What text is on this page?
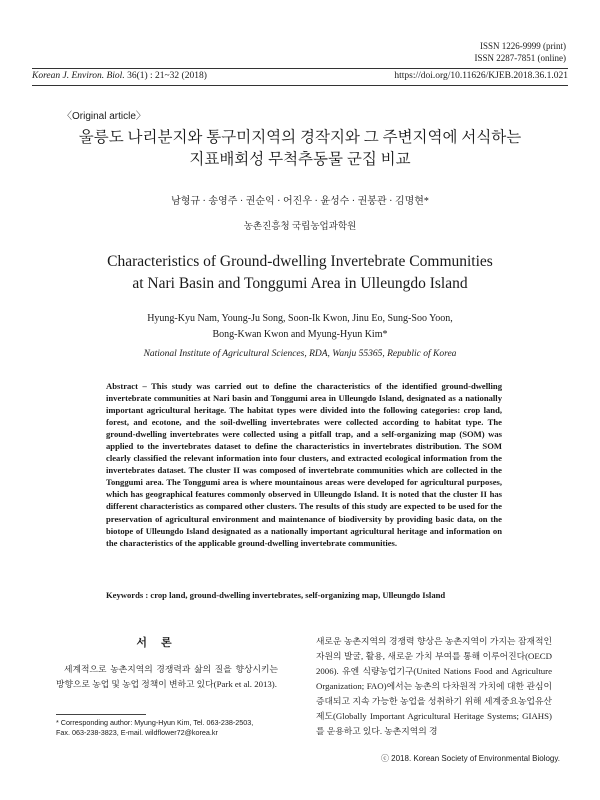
ISSN 1226-9999 (print)
ISSN 2287-7851 (online)
Korean J. Environ. Biol. 36(1) : 21~32 (2018)	https://doi.org/10.11626/KJEB.2018.36.1.021
〈Original article〉
울릉도 나리분지와 통구미지역의 경작지와 그 주변지역에 서식하는
지표배회성 무척추동물 군집 비교
남형규 · 송영주 · 권순익 · 어진우 · 윤성수 · 권봉관 · 김명현*
농촌진흥청 국립농업과학원
Characteristics of Ground-dwelling Invertebrate Communities
at Nari Basin and Tonggumi Area in Ulleungdo Island
Hyung-Kyu Nam, Young-Ju Song, Soon-Ik Kwon, Jinu Eo, Sung-Soo Yoon,
Bong-Kwan Kwon and Myung-Hyun Kim*
National Institute of Agricultural Sciences, RDA, Wanju 55365, Republic of Korea
Abstract – This study was carried out to define the characteristics of the identified ground-dwelling invertebrate communities at Nari basin and Tonggumi area in Ulleungdo Island, designated as a nationally important agricultural heritage. The habitat types were divided into the following categories: crop land, forest, and ecotone, and the soil-dwelling invertebrates were collected according to habitat type. The ground-dwelling invertebrates were collected using a pitfall trap, and a self-organizing map (SOM) was applied to the invertebrates dataset to define the characteristics in invertebrates distribution. The SOM clearly classified the relevant information into four clusters, and extracted ecological information from the invertebrates dataset. The cluster II was composed of invertebrate communities which are collected in the Tonggumi area. The Tonggumi area is where mountainous areas were developed for agricultural purposes, which has geographical features commonly observed in Ulleungdo Island. It is noted that the cluster II has different characteristics as compared other clusters. The results of this study are expected to be used for the preservation of agricultural environment and maintenance of biodiversity by providing basic data, on the biotope of Ulleungdo Island designated as a nationally important agricultural heritage and information on the characteristics of the applicable ground-dwelling invertebrate communities.
Keywords : crop land, ground-dwelling invertebrates, self-organizing map, Ulleungdo Island
서론
세계적으로 농촌지역의 경쟁력과 삶의 질을 향상시키는 방향으로 농업 및 농업 정책이 변하고 있다(Park et al. 2013).
* Corresponding author: Myung-Hyun Kim, Tel. 063-238-2503,
Fax. 063-238-3823, E-mail. wildflower72@korea.kr
새로운 농촌지역의 경쟁력 향상은 농촌지역이 가지는 잠재적인 자원의 발굴, 활용, 새로운 가치 부여를 통해 이루어진다(OECD 2006). 유엔 식량농업기구(United Nations Food and Agriculture Organization; FAO)에서는 농촌의 다차원적 가치에 대한 관심이 증대되고 지속 가능한 농업을 성취하기 위해 세계중요농업유산제도(Globally Important Agricultural Heritage Systems; GIAHS)를 운용하고 있다. 농촌지역의 경
ⓒ 2018. Korean Society of Environmental Biology.
